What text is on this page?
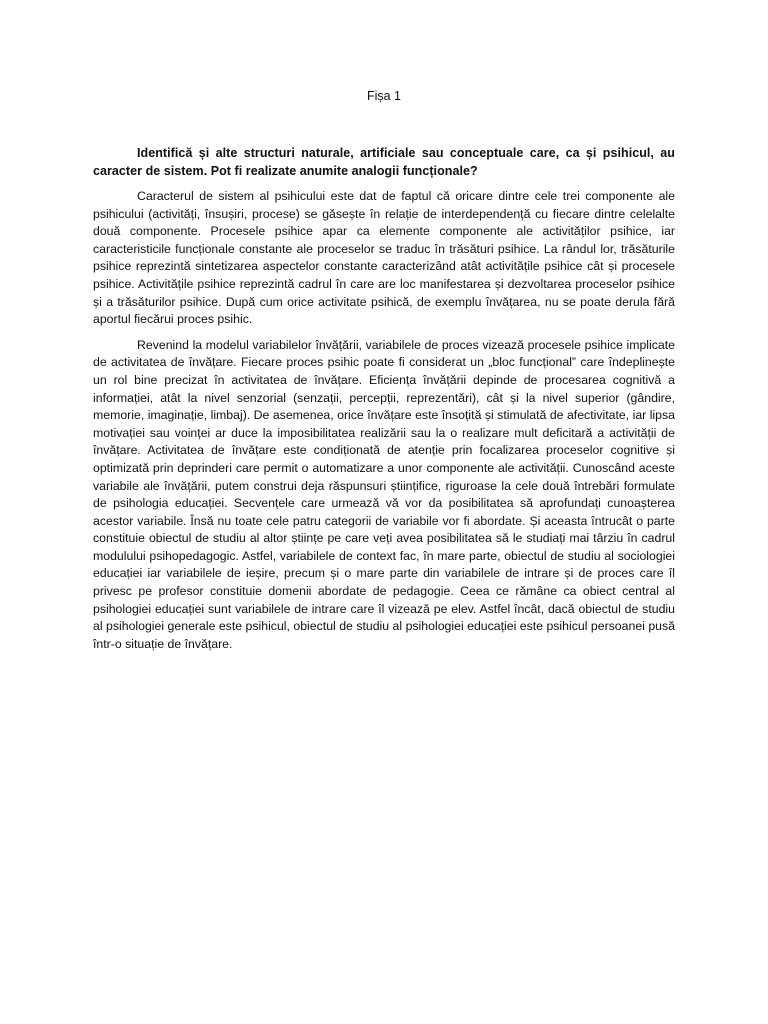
Fișa 1

Identifică și alte structuri naturale, artificiale sau conceptuale care, ca și psihicul, au caracter de sistem. Pot fi realizate anumite analogii funcționale?

Caracterul de sistem al psihicului este dat de faptul că oricare dintre cele trei componente ale psihicului (activități, însușiri, procese) se găsește în relație de interdependență cu fiecare dintre celelalte două componente. Procesele psihice apar ca elemente componente ale activităților psihice, iar caracteristicile funcționale constante ale proceselor se traduc în trăsături psihice. La rândul lor, trăsăturile psihice reprezintă sintetizarea aspectelor constante caracterizând atât activitățile psihice cât și procesele psihice. Activitățile psihice reprezintă cadrul în care are loc manifestarea și dezvoltarea proceselor psihice și a trăsăturilor psihice. După cum orice activitate psihică, de exemplu învățarea, nu se poate derula fără aportul fiecărui proces psihic.

Revenind la modelul variabilelor învățării, variabilele de proces vizează procesele psihice implicate de activitatea de învățare. Fiecare proces psihic poate fi considerat un „bloc funcțional” care îndeplinește un rol bine precizat în activitatea de învățare. Eficiența învățării depinde de procesarea cognitivă a informației, atât la nivel senzorial (senzații, percepții, reprezentări), cât și la nivel superior (gândire, memorie, imaginație, limbaj). De asemenea, orice învățare este însoțită și stimulată de afectivitate, iar lipsa motivației sau voinței ar duce la imposibilitatea realizării sau la o realizare mult deficitară a activității de învățare. Activitatea de învățare este condiționată de atenție prin focalizarea proceselor cognitive și optimizată prin deprinderi care permit o automatizare a unor componente ale activității. Cunoscând aceste variabile ale învățării, putem construi deja răspunsuri științifice, riguroase la cele două întrebări formulate de psihologia educației. Secvențele care urmează vă vor da posibilitatea să aprofundați cunoașterea acestor variabile. Însă nu toate cele patru categorii de variabile vor fi abordate. Și aceasta întrucât o parte constituie obiectul de studiu al altor științe pe care veți avea posibilitatea să le studiați mai târziu în cadrul modulului psihopedagogic. Astfel, variabilele de context fac, în mare parte, obiectul de studiu al sociologiei educației iar variabilele de ieșire, precum și o mare parte din variabilele de intrare și de proces care îl privesc pe profesor constituie domenii abordate de pedagogie. Ceea ce rămâne ca obiect central al psihologiei educației sunt variabilele de intrare care îl vizează pe elev. Astfel încât, dacă obiectul de studiu al psihologiei generale este psihicul, obiectul de studiu al psihologiei educației este psihicul persoanei pusă într-o situație de învățare.
